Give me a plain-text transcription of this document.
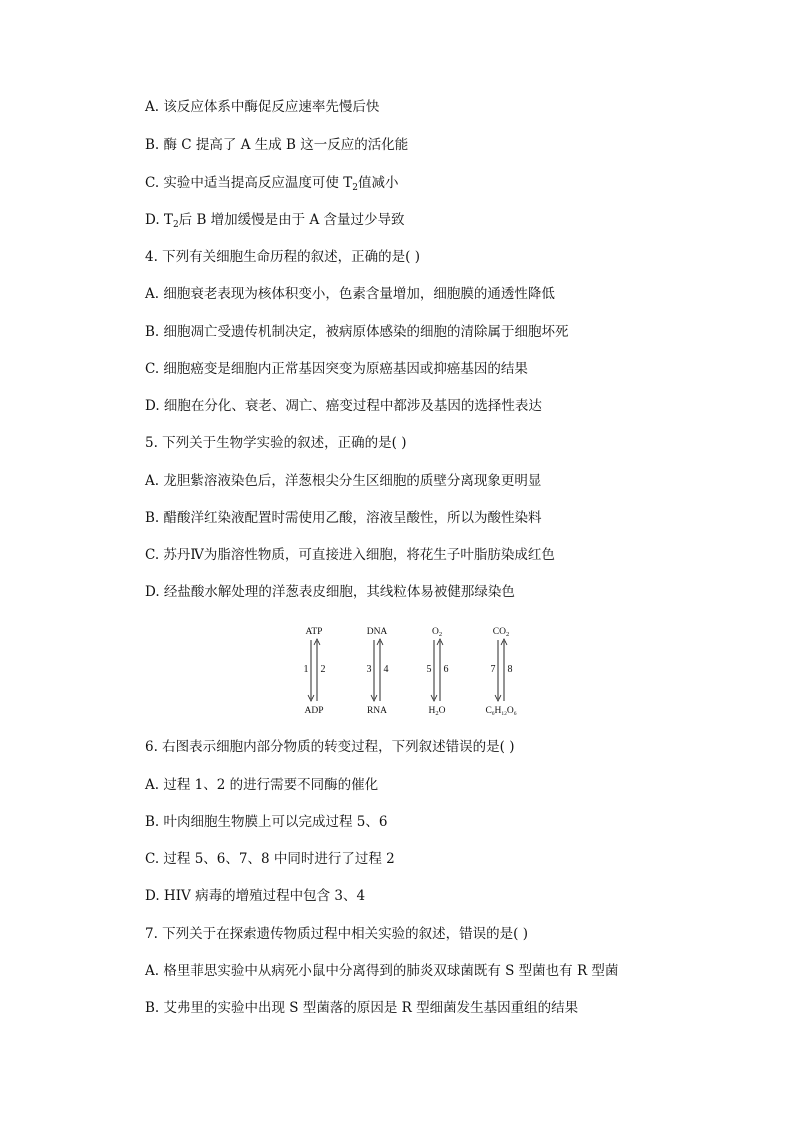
A. 该反应体系中酶促反应速率先慢后快
B. 酶 C 提高了 A 生成 B 这一反应的活化能
C. 实验中适当提高反应温度可使 $T_2$值减小
D. $T_2$后 B 增加缓慢是由于 A 含量过少导致
4. 下列有关细胞生命历程的叙述，正确的是( )
A. 细胞衰老表现为核体积变小，色素含量增加，细胞膜的通透性降低
B. 细胞凋亡受遗传机制决定，被病原体感染的细胞的清除属于细胞坏死
C. 细胞癌变是细胞内正常基因突变为原癌基因或抑癌基因的结果
D. 细胞在分化、衰老、凋亡、癌变过程中都涉及基因的选择性表达
5. 下列关于生物学实验的叙述，正确的是( )
A. 龙胆紫溶液染色后，洋葱根尖分生区细胞的质壁分离现象更明显
B. 醋酸洋红染液配置时需使用乙酸，溶液呈酸性，所以为酸性染料
C. 苏丹Ⅳ为脂溶性物质，可直接进入细胞，将花生子叶脂肪染成红色
D. 经盐酸水解处理的洋葱表皮细胞，其线粒体易被健那绿染色
ATP
1 2
ADP
DNA
3 4
RNA
$O_2$
5 6
$H_2O$
$CO_2$
7 8
$C_6H_{12}O_6$
6. 右图表示细胞内部分物质的转变过程，下列叙述错误的是( )
A. 过程 1、2 的进行需要不同酶的催化
B. 叶肉细胞生物膜上可以完成过程 5、6
C. 过程 5、6、7、8 中同时进行了过程 2
D. HIV 病毒的增殖过程中包含 3、4
7. 下列关于在探索遗传物质过程中相关实验的叙述，错误的是( )
A. 格里菲思实验中从病死小鼠中分离得到的肺炎双球菌既有 S 型菌也有 R 型菌
B. 艾弗里的实验中出现 S 型菌落的原因是 R 型细菌发生基因重组的结果
